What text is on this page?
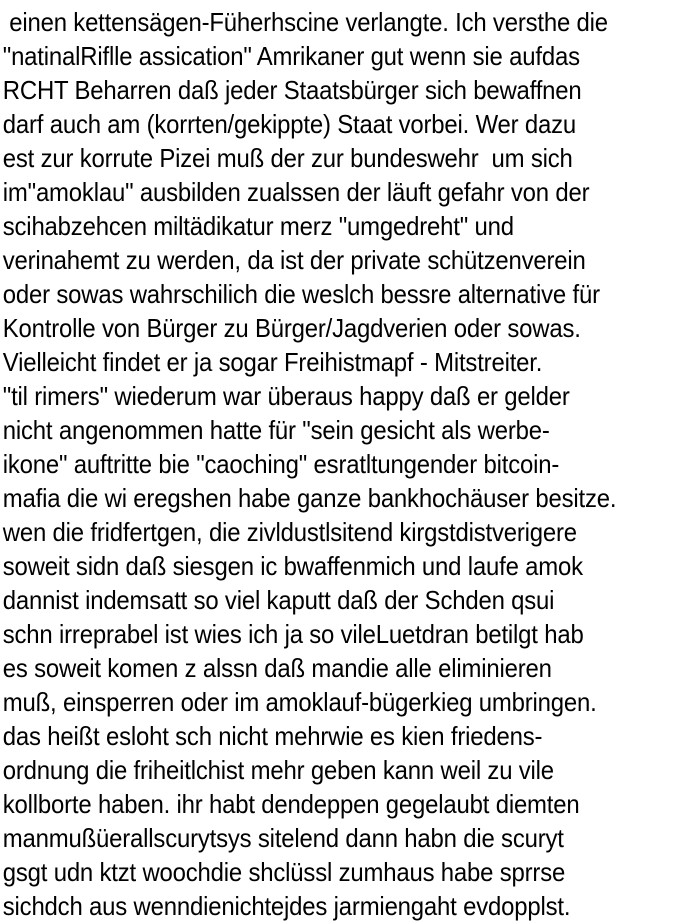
einen kettensägen-Füherhscine verlangte. Ich versthe die
"natinalRiflle assication" Amrikaner gut wenn sie aufdas
RCHT Beharren daß jeder Staatsbürger sich bewaffnen
darf auch am (korrten/gekippte) Staat vorbei. Wer dazu
est zur korrute Pizei muß der zur bundeswehr  um sich
im"amoklau" ausbilden zualssen der läuft gefahr von der
scihabzehcen miltädikatur merz "umgedreht" und
verinahemt zu werden, da ist der private schützenverein
oder sowas wahrschilich die weslch bessre alternative für
Kontrolle von Bürger zu Bürger/Jagdverien oder sowas.
Vielleicht findet er ja sogar Freihistmapf - Mitstreiter.
"til rimers" wiederum war überaus happy daß er gelder
nicht angenommen hatte für "sein gesicht als werbe-
ikone" auftritte bie "caoching" esratltungender bitcoin-
mafia die wi eregshen habe ganze bankhochäuser besitze.
wen die fridfertgen, die zivldustlsitend kirgstdistverigere
soweit sidn daß siesgen ic bwaffenmich und laufe amok
dannist indemsatt so viel kaputt daß der Schden qsui
schn irreprabel ist wies ich ja so vileLuetdran betilgt hab
es soweit komen z alssn daß mandie alle eliminieren
muß, einsperren oder im amoklauf-bügerkieg umbringen.
das heißt esloht sch nicht mehrwie es kien friedens-
ordnung die friheitlchist mehr geben kann weil zu vile
kollborte haben. ihr habt dendeppen gegelaubt diemten
manmußüerallscurytsys sitelend dann habn die scuryt
gsgt udn ktzt woochdie shclüssl zumhaus habe sprrse
sichdch aus wenndienichtejdes jarmiengaht evdopplst.
